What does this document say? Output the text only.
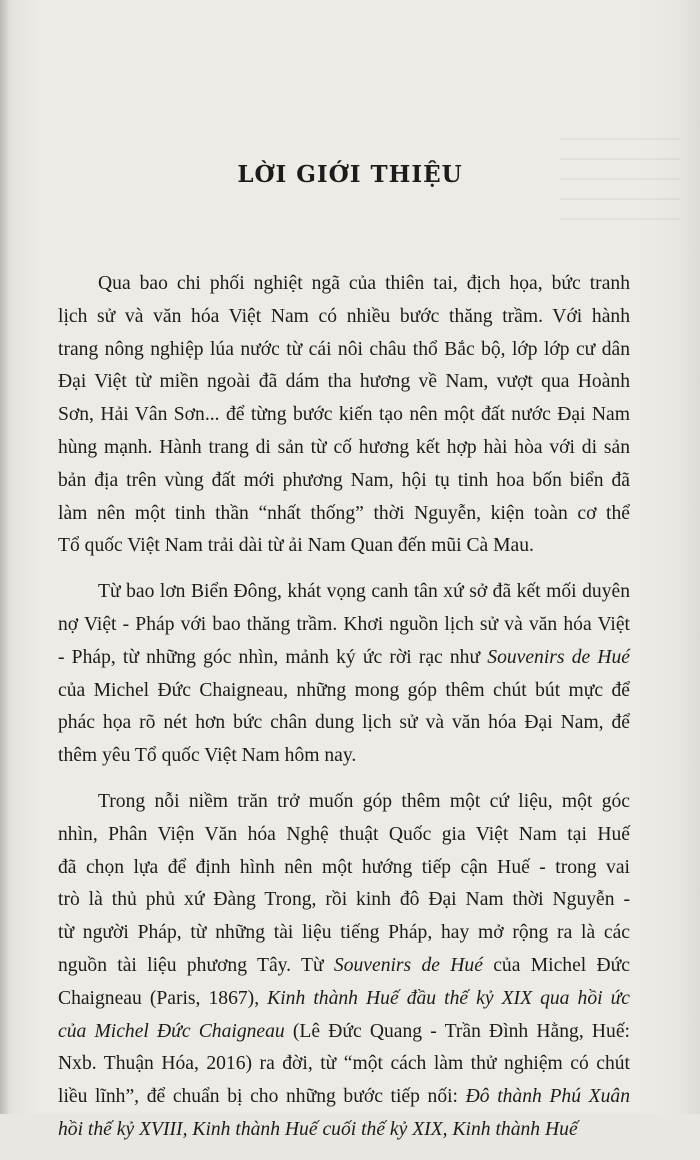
LỜI GIỚI THIỆU
Qua bao chi phối nghiệt ngã của thiên tai, địch họa, bức tranh
lịch sử và văn hóa Việt Nam có nhiều bước thăng trầm. Với hành
trang nông nghiệp lúa nước từ cái nôi châu thổ Bắc bộ, lớp lớp cư dân
Đại Việt từ miền ngoài đã dám tha hương về Nam, vượt qua Hoành
Sơn, Hải Vân Sơn... để từng bước kiến tạo nên một đất nước Đại Nam
hùng mạnh. Hành trang di sản từ cố hương kết hợp hài hòa với di sản
bản địa trên vùng đất mới phương Nam, hội tụ tinh hoa bốn biển đã
làm nên một tinh thần “nhất thống” thời Nguyễn, kiện toàn cơ thể
Tổ quốc Việt Nam trải dài từ ải Nam Quan đến mũi Cà Mau.
Từ bao lơn Biển Đông, khát vọng canh tân xứ sở đã kết mối duyên
nợ Việt - Pháp với bao thăng trầm. Khơi nguồn lịch sử và văn hóa Việt
- Pháp, từ những góc nhìn, mảnh ký ức rời rạc như Souvenirs de Hué
của Michel Đức Chaigneau, những mong góp thêm chút bút mực để
phác họa rõ nét hơn bức chân dung lịch sử và văn hóa Đại Nam, để
thêm yêu Tổ quốc Việt Nam hôm nay.
Trong nỗi niềm trăn trở muốn góp thêm một cứ liệu, một góc
nhìn, Phân Viện Văn hóa Nghệ thuật Quốc gia Việt Nam tại Huế
đã chọn lựa để định hình nên một hướng tiếp cận Huế - trong vai
trò là thủ phủ xứ Đàng Trong, rồi kinh đô Đại Nam thời Nguyễn -
từ người Pháp, từ những tài liệu tiếng Pháp, hay mở rộng ra là các
nguồn tài liệu phương Tây. Từ Souvenirs de Hué của Michel Đức
Chaigneau (Paris, 1867), Kinh thành Huế đầu thế kỷ XIX qua hồi ức
của Michel Đức Chaigneau (Lê Đức Quang - Trần Đình Hằng, Huế:
Nxb. Thuận Hóa, 2016) ra đời, từ “một cách làm thử nghiệm có chút
liều lĩnh”, để chuẩn bị cho những bước tiếp nối: Đô thành Phú Xuân
hồi thế kỷ XVIII, Kinh thành Huế cuối thế kỷ XIX, Kinh thành Huế
